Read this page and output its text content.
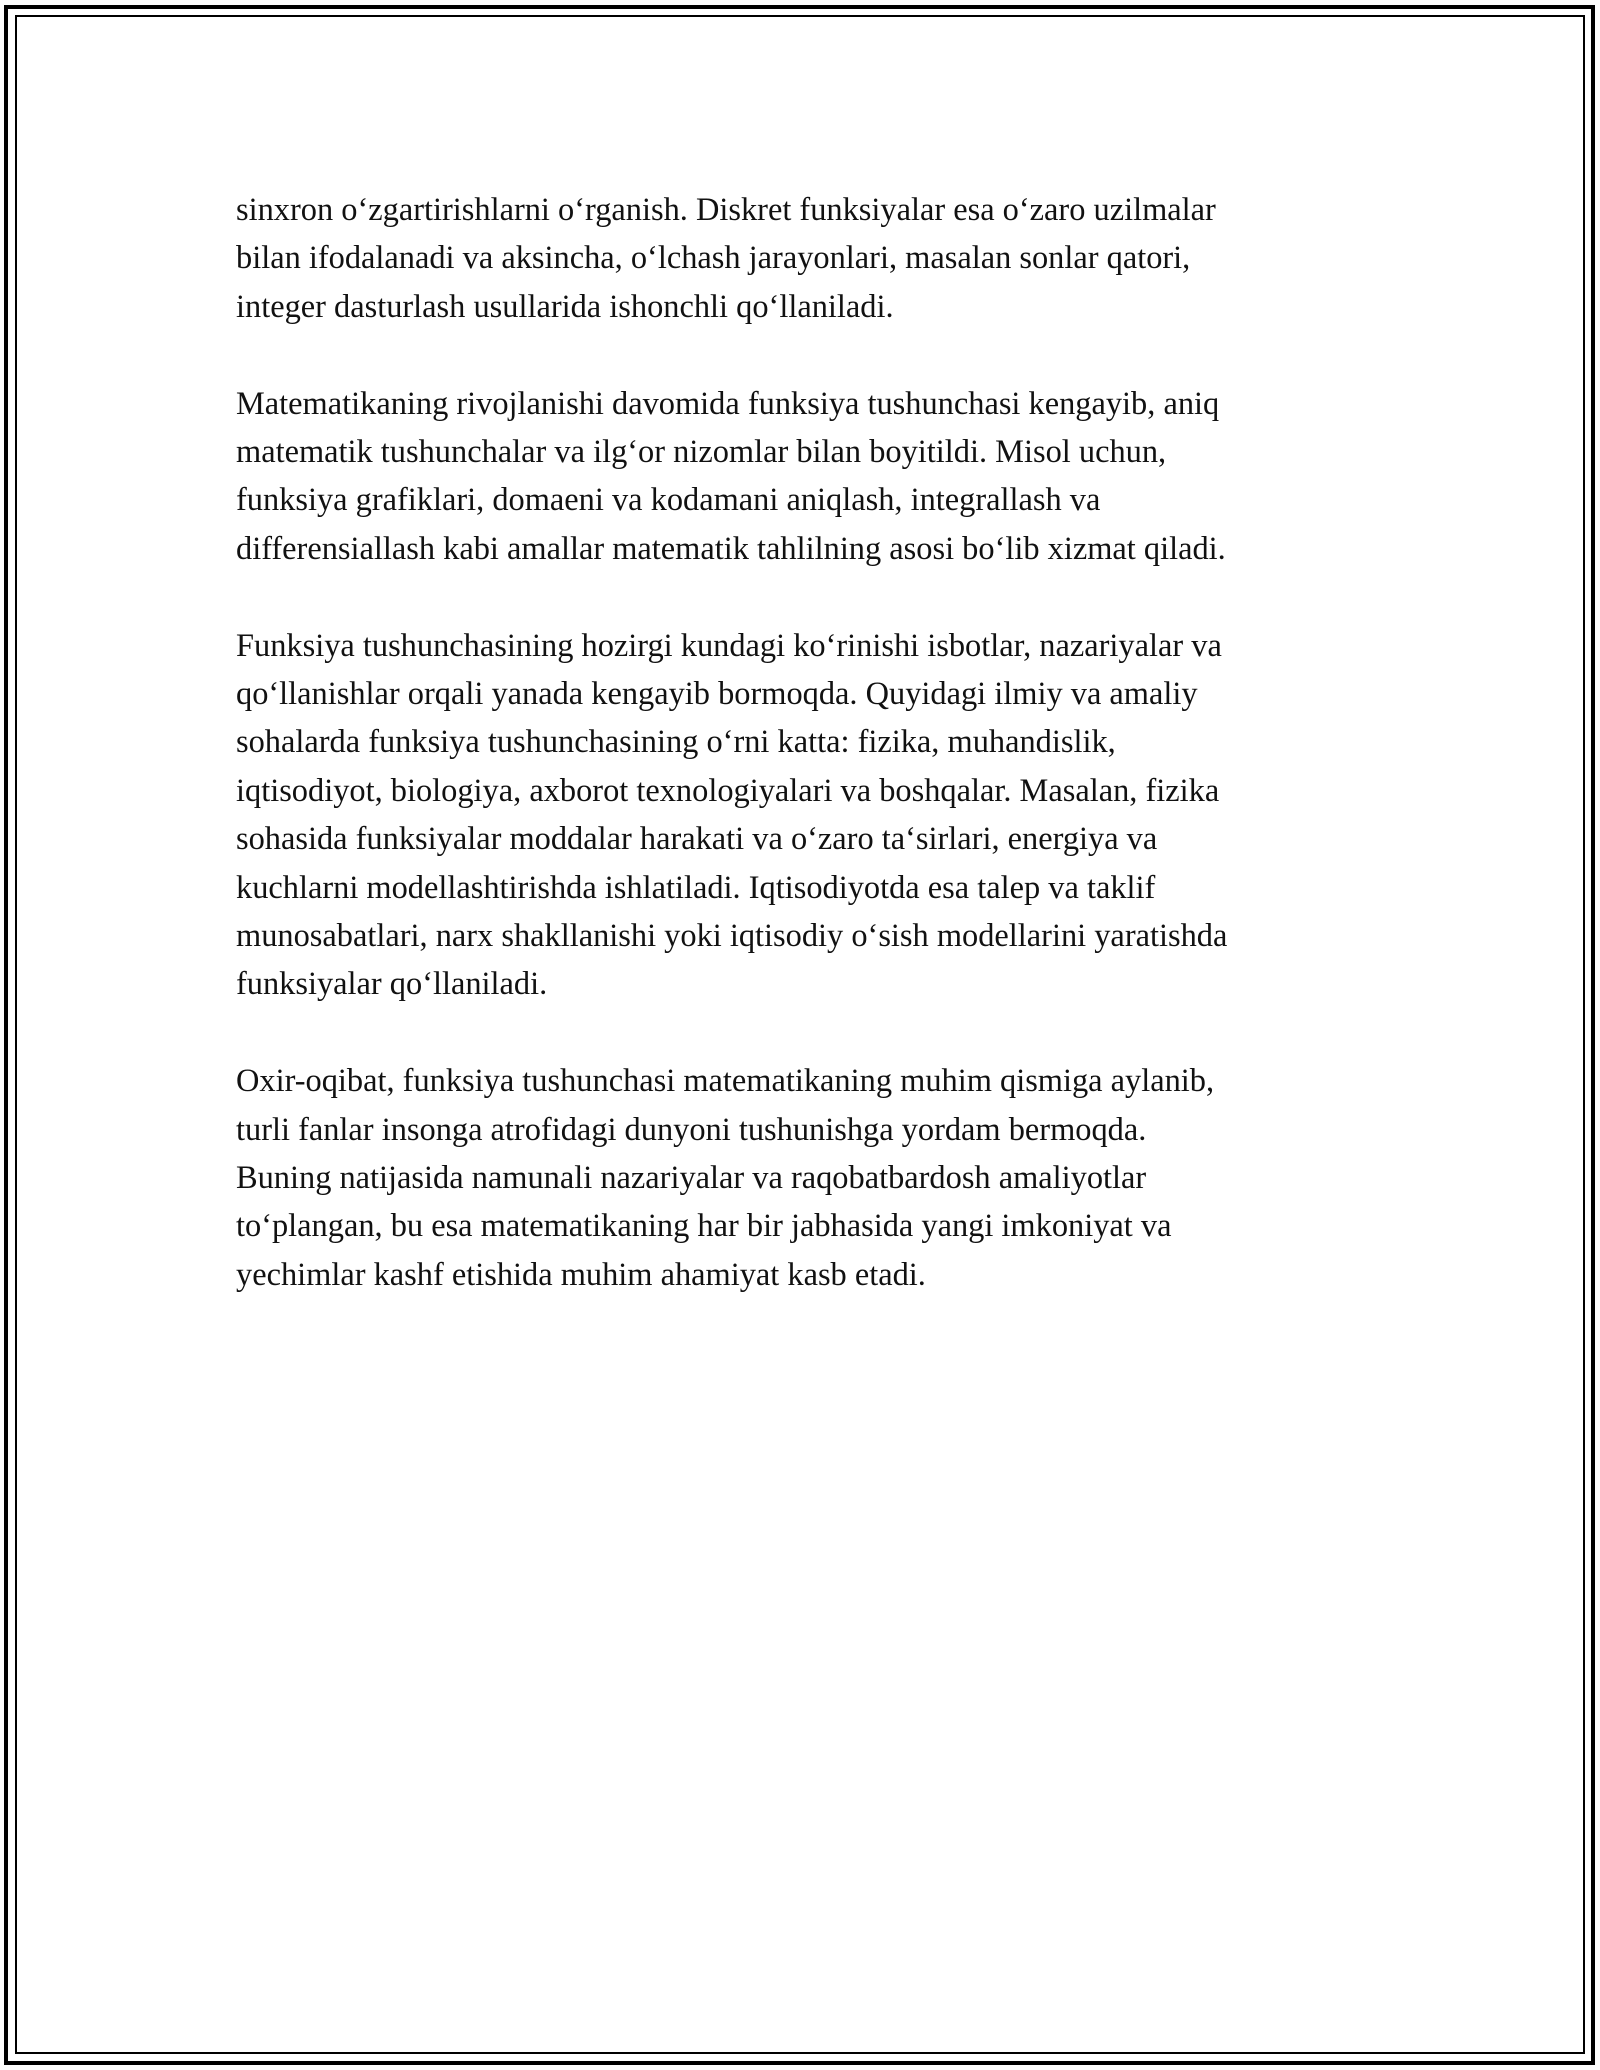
sinxron o‘zgartirishlarni o‘rganish. Diskret funksiyalar esa o‘zaro uzilmalar
bilan ifodalanadi va aksincha, o‘lchash jarayonlari, masalan sonlar qatori,
integer dasturlash usullarida ishonchli qo‘llaniladi.

Matematikaning rivojlanishi davomida funksiya tushunchasi kengayib, aniq
matematik tushunchalar va ilg‘or nizomlar bilan boyitildi. Misol uchun,
funksiya grafiklari, domaeni va kodamani aniqlash, integrallash va
differensiallash kabi amallar matematik tahlilning asosi bo‘lib xizmat qiladi.

Funksiya tushunchasining hozirgi kundagi ko‘rinishi isbotlar, nazariyalar va
qo‘llanishlar orqali yanada kengayib bormoqda. Quyidagi ilmiy va amaliy
sohalarda funksiya tushunchasining o‘rni katta: fizika, muhandislik,
iqtisodiyot, biologiya, axborot texnologiyalari va boshqalar. Masalan, fizika
sohasida funksiyalar moddalar harakati va o‘zaro ta‘sirlari, energiya va
kuchlarni modellashtirishda ishlatiladi. Iqtisodiyotda esa talep va taklif
munosabatlari, narx shakllanishi yoki iqtisodiy o‘sish modellarini yaratishda
funksiyalar qo‘llaniladi.

Oxir-oqibat, funksiya tushunchasi matematikaning muhim qismiga aylanib,
turli fanlar insonga atrofidagi dunyoni tushunishga yordam bermoqda.
Buning natijasida namunali nazariyalar va raqobatbardosh amaliyotlar
to‘plangan, bu esa matematikaning har bir jabhasida yangi imkoniyat va
yechimlar kashf etishida muhim ahamiyat kasb etadi.
